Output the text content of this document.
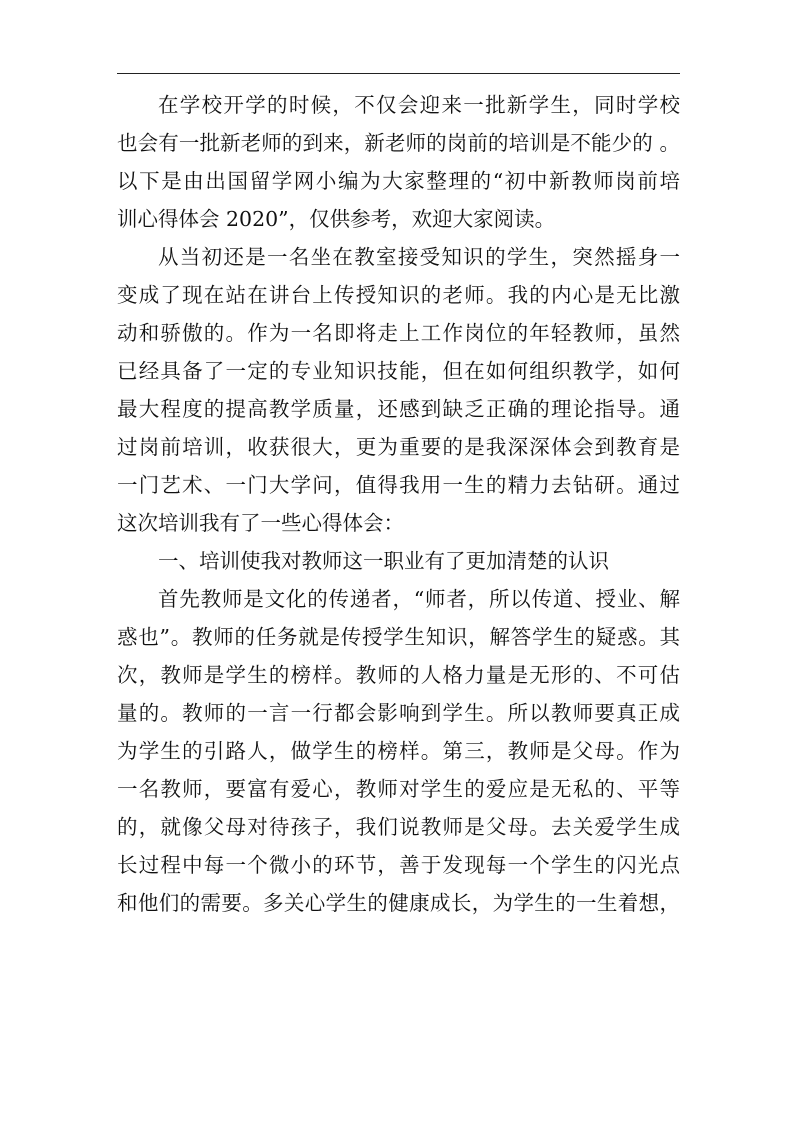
在学校开学的时候，不仅会迎来一批新学生，同时学校
也会有一批新老师的到来，新老师的岗前的培训是不能少的 。
以下是由出国留学网小编为大家整理的“初中新教师岗前培
训心得体会 2020”，仅供参考，欢迎大家阅读。
从当初还是一名坐在教室接受知识的学生，突然摇身一
变成了现在站在讲台上传授知识的老师。我的内心是无比激
动和骄傲的。作为一名即将走上工作岗位的年轻教师，虽然
已经具备了一定的专业知识技能，但在如何组织教学，如何
最大程度的提高教学质量，还感到缺乏正确的理论指导。通
过岗前培训，收获很大，更为重要的是我深深体会到教育是
一门艺术、一门大学问，值得我用一生的精力去钻研。通过
这次培训我有了一些心得体会：
一、培训使我对教师这一职业有了更加清楚的认识
首先教师是文化的传递者，“师者，所以传道、授业、解
惑也”。教师的任务就是传授学生知识，解答学生的疑惑。其
次，教师是学生的榜样。教师的人格力量是无形的、不可估
量的。教师的一言一行都会影响到学生。所以教师要真正成
为学生的引路人，做学生的榜样。第三，教师是父母。作为
一名教师，要富有爱心，教师对学生的爱应是无私的、平等
的，就像父母对待孩子，我们说教师是父母。去关爱学生成
长过程中每一个微小的环节，善于发现每一个学生的闪光点
和他们的需要。多关心学生的健康成长，为学生的一生着想，
